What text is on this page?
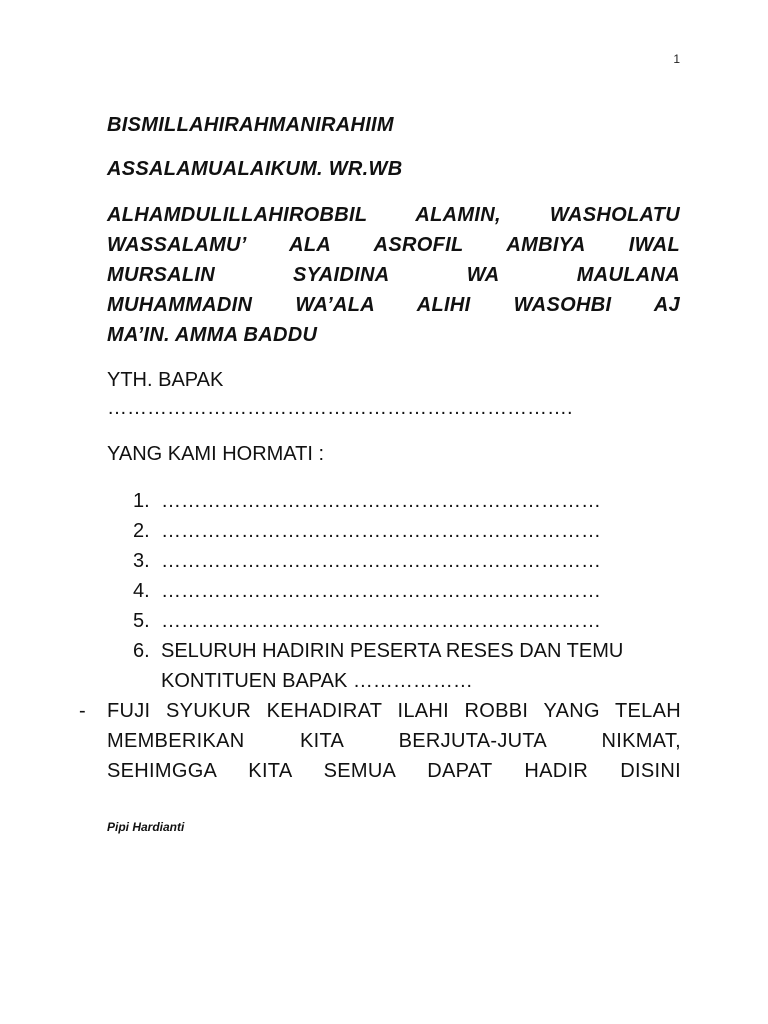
1

BISMILLAHIRAHMANIRAHIIM

ASSALAMUALAIKUM. WR.WB

ALHAMDULILLAHIROBBIL ALAMIN, WASHOLATU
WASSALAMU’ ALA ASROFIL AMBIYA IWAL
MURSALIN SYAIDINA WA MAULANA
MUHAMMADIN WA’ALA ALIHI WASOHBI AJ
MA’IN. AMMA BADDU

YTH. BAPAK …………………………………………………………….

YANG KAMI HORMATI :

1. …………………………………………………………
2. …………………………………………………………
3. …………………………………………………………
4. …………………………………………………………
5. …………………………………………………………
6. SELURUH HADIRIN PESERTA RESES DAN TEMU KONTITUEN BAPAK ………………
-	FUJI SYUKUR KEHADIRAT ILAHI ROBBI YANG TELAH
MEMBERIKAN KITA BERJUTA-JUTA NIKMAT,
SEHIMGGA KITA SEMUA DAPAT HADIR DISINI
Pipi Hardianti
